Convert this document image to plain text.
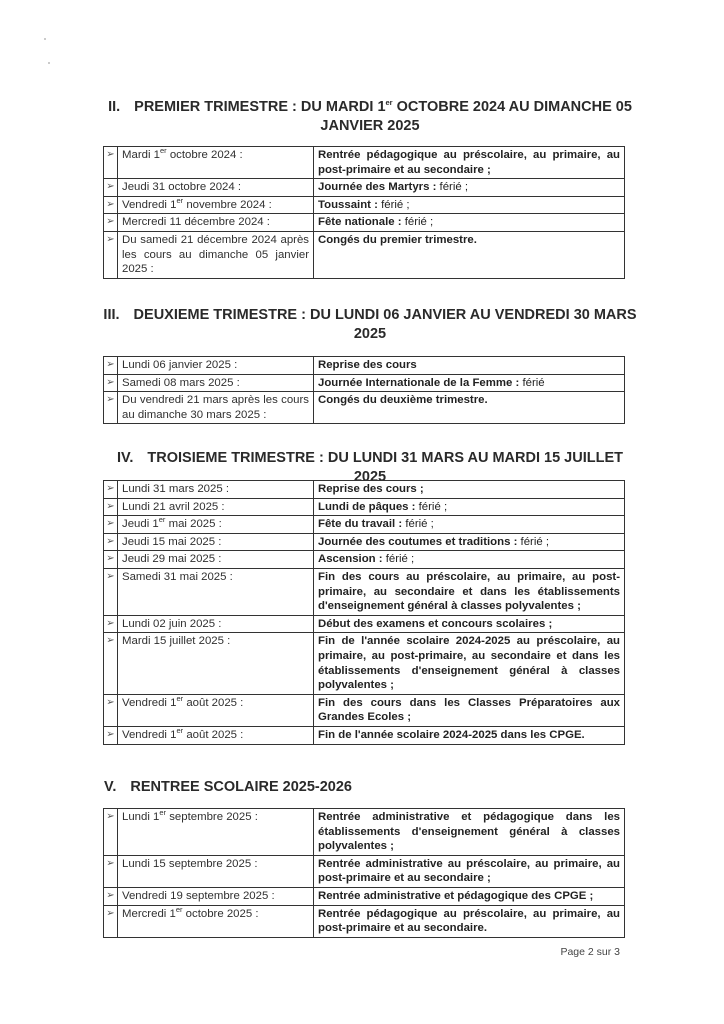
II. PREMIER TRIMESTRE : DU MARDI 1er OCTOBRE 2024 AU DIMANCHE 05
JANVIER 2025
➢	Mardi 1er octobre 2024 :	Rentrée pédagogique au préscolaire, au primaire, au post-primaire et au secondaire ;
➢	Jeudi 31 octobre 2024 :	Journée des Martyrs : férié ;
➢	Vendredi 1er novembre 2024 :	Toussaint : férié ;
➢	Mercredi 11 décembre 2024 :	Fête nationale : férié ;
➢	Du samedi 21 décembre 2024 après les cours au dimanche 05 janvier 2025 :	Congés du premier trimestre.
III. DEUXIEME TRIMESTRE : DU LUNDI 06 JANVIER AU VENDREDI 30 MARS
2025
➢	Lundi 06 janvier 2025 :	Reprise des cours
➢	Samedi 08 mars 2025 :	Journée Internationale de la Femme : férié
➢	Du vendredi 21 mars après les cours au dimanche 30 mars 2025 :	Congés du deuxième trimestre.
IV. TROISIEME TRIMESTRE : DU LUNDI 31 MARS AU MARDI 15 JUILLET 2025
➢	Lundi 31 mars 2025 :	Reprise des cours ;
➢	Lundi 21 avril 2025 :	Lundi de pâques : férié ;
➢	Jeudi 1er mai 2025 :	Fête du travail : férié ;
➢	Jeudi 15 mai 2025 :	Journée des coutumes et traditions : férié ;
➢	Jeudi 29 mai 2025 :	Ascension : férié ;
➢	Samedi 31 mai 2025 :	Fin des cours au préscolaire, au primaire, au post-primaire, au secondaire et dans les établissements d'enseignement général à classes polyvalentes ;
➢	Lundi 02 juin 2025 :	Début des examens et concours scolaires ;
➢	Mardi 15 juillet 2025 :	Fin de l'année scolaire 2024-2025 au préscolaire, au primaire, au post-primaire, au secondaire et dans les établissements d'enseignement général à classes polyvalentes ;
➢	Vendredi 1er août 2025 :	Fin des cours dans les Classes Préparatoires aux Grandes Ecoles ;
➢	Vendredi 1er août 2025 :	Fin de l'année scolaire 2024-2025 dans les CPGE.
V. RENTREE SCOLAIRE 2025-2026
➢	Lundi 1er septembre 2025 :	Rentrée administrative et pédagogique dans les établissements d'enseignement général à classes polyvalentes ;
➢	Lundi 15 septembre 2025 :	Rentrée administrative au préscolaire, au primaire, au post-primaire et au secondaire ;
➢	Vendredi 19 septembre 2025 :	Rentrée administrative et pédagogique des CPGE ;
➢	Mercredi 1er octobre 2025 :	Rentrée pédagogique au préscolaire, au primaire, au post-primaire et au secondaire.
Page 2 sur 3
